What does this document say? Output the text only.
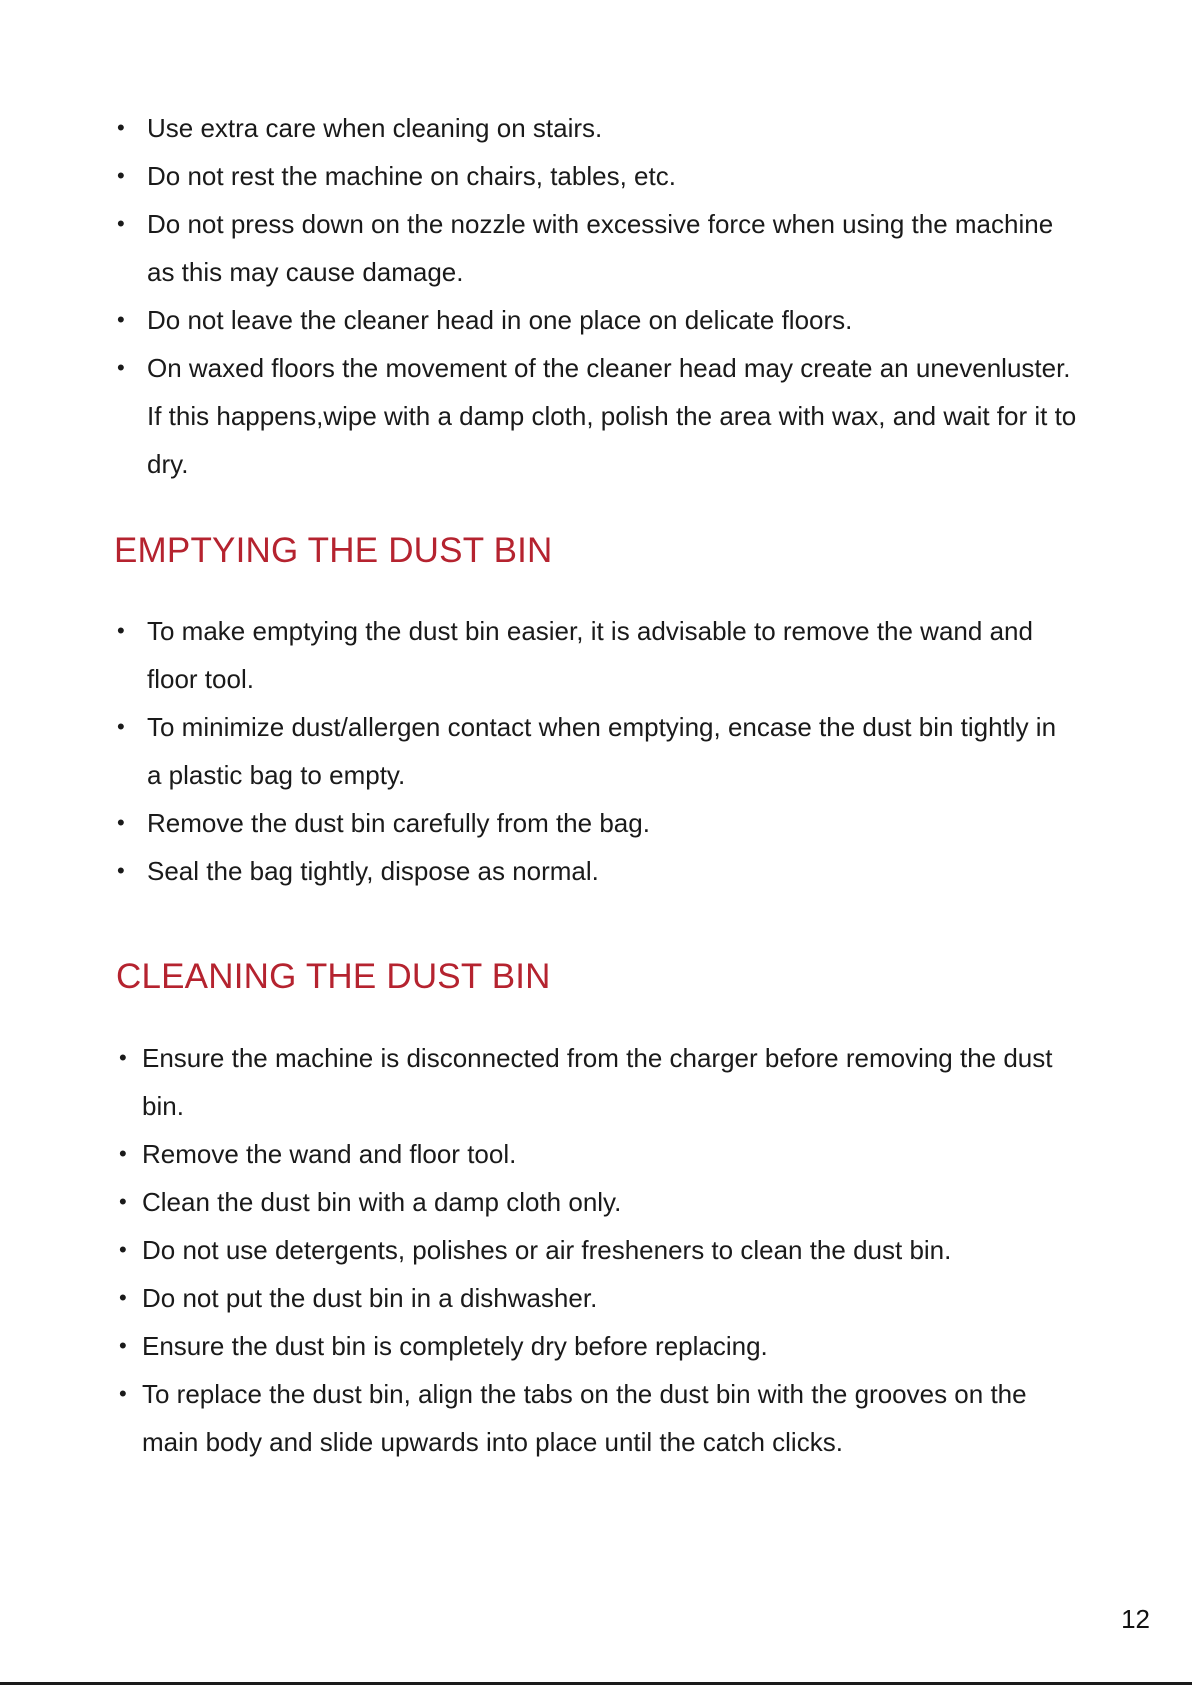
• Use extra care when cleaning on stairs.
• Do not rest the machine on chairs, tables, etc.
• Do not press down on the nozzle with excessive force when using the machine as this may cause damage.
• Do not leave the cleaner head in one place on delicate floors.
• On waxed floors the movement of the cleaner head may create an unevenluster. If this happens,wipe with a damp cloth, polish the area with wax, and wait for it to dry.
EMPTYING THE DUST BIN
• To make emptying the dust bin easier, it is advisable to remove the wand and floor tool.
• To minimize dust/allergen contact when emptying, encase the dust bin tightly in a plastic bag to empty.
• Remove the dust bin carefully from the bag.
• Seal the bag tightly, dispose as normal.
CLEANING THE DUST BIN
• Ensure the machine is disconnected from the charger before removing the dust bin.
• Remove the wand and floor tool.
• Clean the dust bin with a damp cloth only.
• Do not use detergents, polishes or air fresheners to clean the dust bin.
• Do not put the dust bin in a dishwasher.
• Ensure the dust bin is completely dry before replacing.
• To replace the dust bin, align the tabs on the dust bin with the grooves on the main body and slide upwards into place until the catch clicks.
12
